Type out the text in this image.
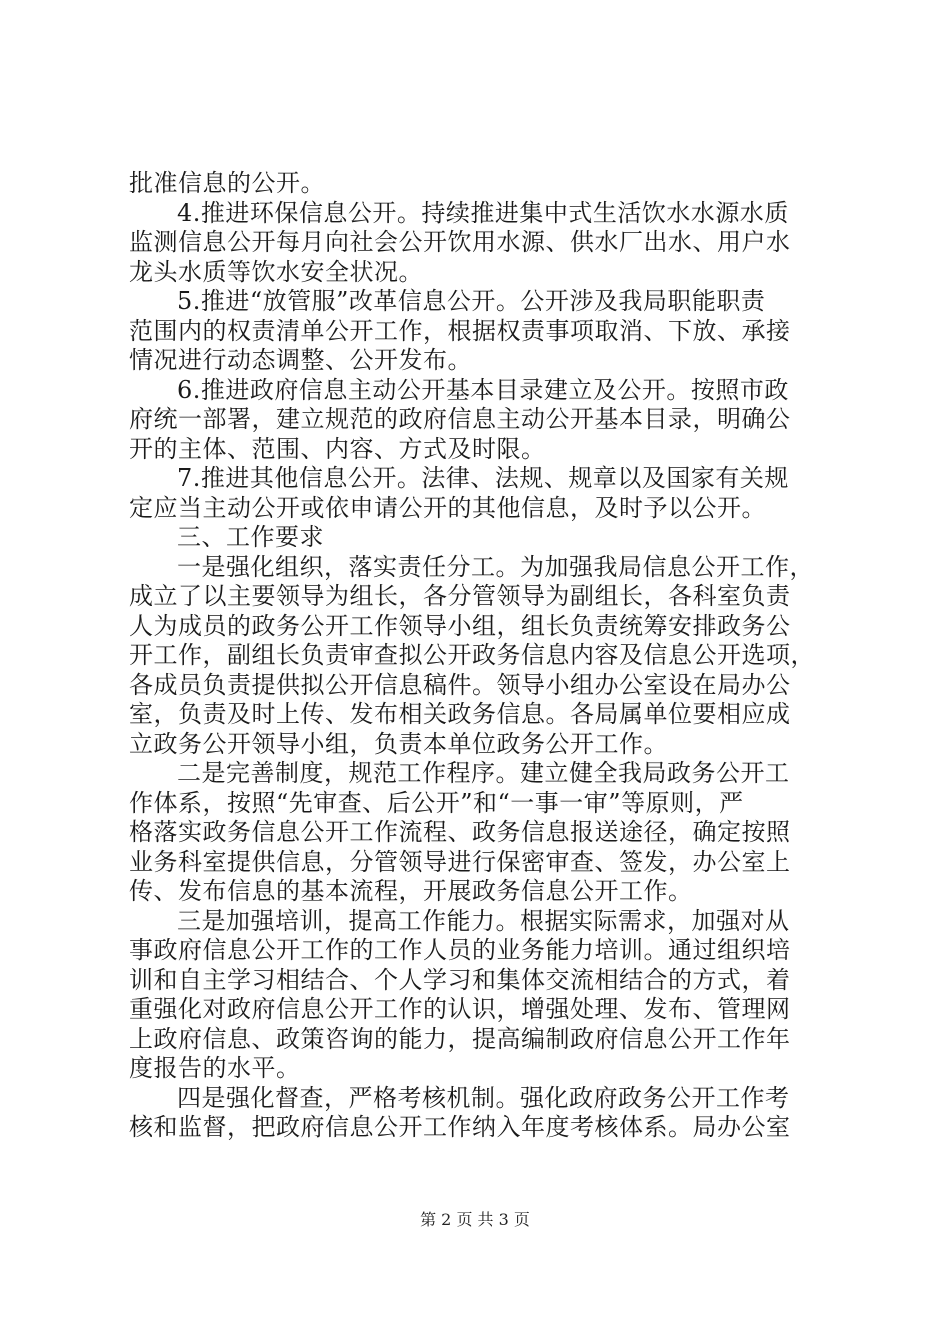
批准信息的公开。
4.推进环保信息公开。持续推进集中式生活饮水水源水质
监测信息公开每月向社会公开饮用水源、供水厂出水、用户水
龙头水质等饮水安全状况。
5.推进“放管服”改革信息公开。公开涉及我局职能职责
范围内的权责清单公开工作，根据权责事项取消、下放、承接
情况进行动态调整、公开发布。
6.推进政府信息主动公开基本目录建立及公开。按照市政
府统一部署，建立规范的政府信息主动公开基本目录，明确公
开的主体、范围、内容、方式及时限。
7.推进其他信息公开。法律、法规、规章以及国家有关规
定应当主动公开或依申请公开的其他信息，及时予以公开。
三、工作要求
一是强化组织，落实责任分工。为加强我局信息公开工作，
成立了以主要领导为组长，各分管领导为副组长，各科室负责
人为成员的政务公开工作领导小组，组长负责统筹安排政务公
开工作，副组长负责审查拟公开政务信息内容及信息公开选项，
各成员负责提供拟公开信息稿件。领导小组办公室设在局办公
室，负责及时上传、发布相关政务信息。各局属单位要相应成
立政务公开领导小组，负责本单位政务公开工作。
二是完善制度，规范工作程序。建立健全我局政务公开工
作体系，按照“先审查、后公开”和“一事一审”等原则，严
格落实政务信息公开工作流程、政务信息报送途径，确定按照
业务科室提供信息，分管领导进行保密审查、签发，办公室上
传、发布信息的基本流程，开展政务信息公开工作。
三是加强培训，提高工作能力。根据实际需求，加强对从
事政府信息公开工作的工作人员的业务能力培训。通过组织培
训和自主学习相结合、个人学习和集体交流相结合的方式，着
重强化对政府信息公开工作的认识，增强处理、发布、管理网
上政府信息、政策咨询的能力，提高编制政府信息公开工作年
度报告的水平。
四是强化督查，严格考核机制。强化政府政务公开工作考
核和监督，把政府信息公开工作纳入年度考核体系。局办公室
第 2 页 共 3 页
